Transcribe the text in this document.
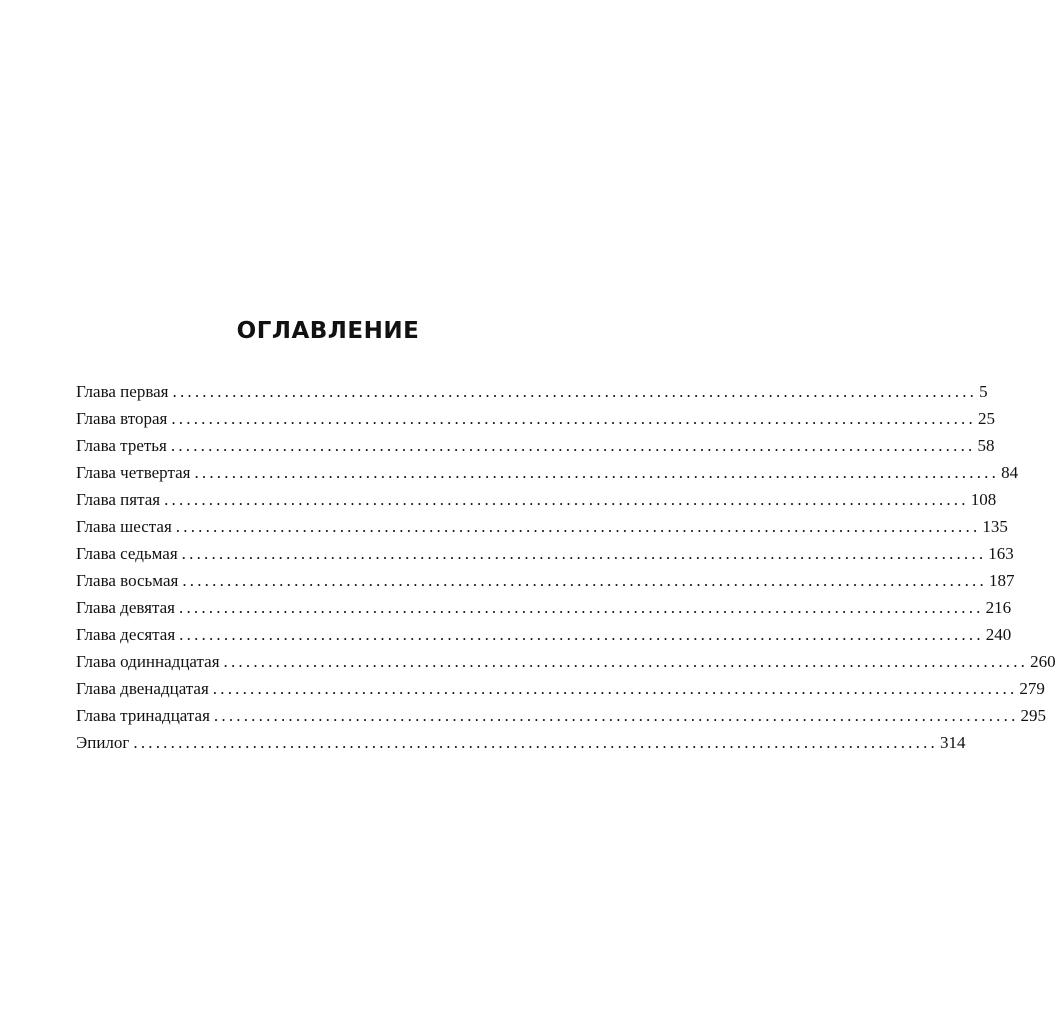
ОГЛАВЛЕНИЕ
Глава первая ............................................................................................................ 5
Глава вторая ............................................................................................................ 25
Глава третья ............................................................................................................ 58
Глава четвертая ............................................................................................................ 84
Глава пятая ............................................................................................................ 108
Глава шестая ............................................................................................................ 135
Глава седьмая ............................................................................................................ 163
Глава восьмая ............................................................................................................ 187
Глава девятая ............................................................................................................ 216
Глава десятая ............................................................................................................ 240
Глава одиннадцатая ............................................................................................................ 260
Глава двенадцатая ............................................................................................................ 279
Глава тринадцатая ............................................................................................................ 295
Эпилог ............................................................................................................ 314
